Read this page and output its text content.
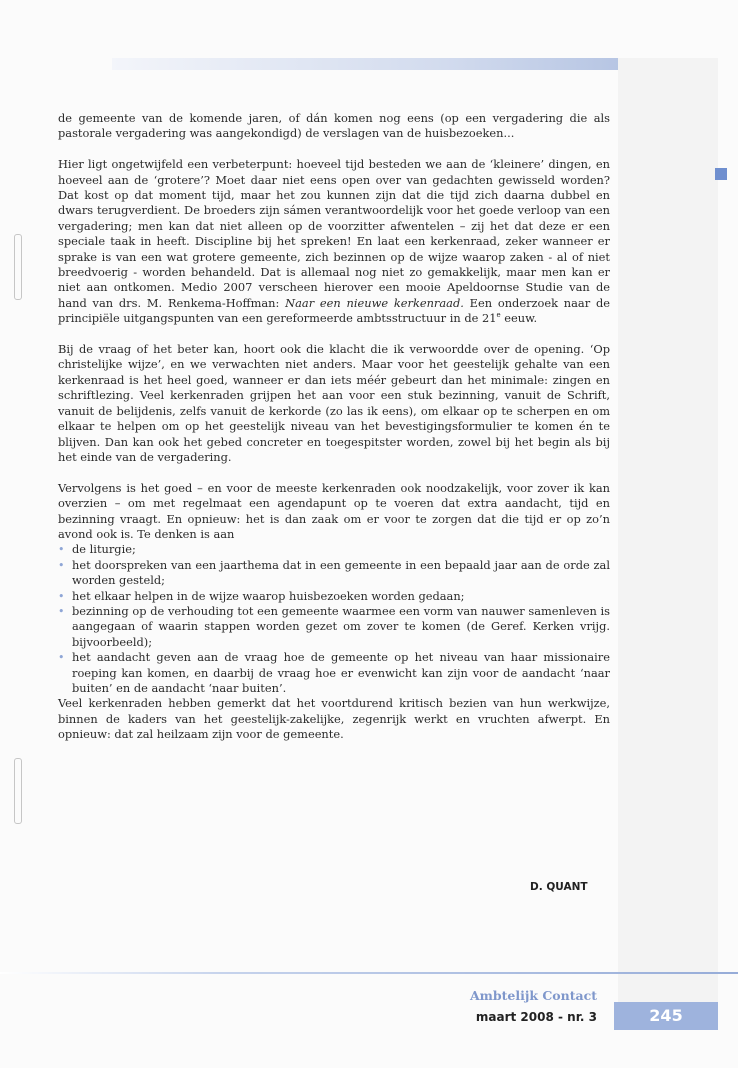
de gemeente van de komende jaren, of dán komen nog eens (op een vergadering die als pastorale vergadering was aangekondigd) de verslagen van de huisbezoeken...

Hier ligt ongetwijfeld een verbeterpunt: hoeveel tijd besteden we aan de ‘kleinere’ dingen, en hoeveel aan de ‘grotere’? Moet daar niet eens open over van gedachten gewisseld worden? Dat kost op dat moment tijd, maar het zou kunnen zijn dat die tijd zich daarna dubbel en dwars terugverdient. De broeders zijn sámen verantwoordelijk voor het goede verloop van een vergadering; men kan dat niet alleen op de voorzitter afwentelen – zij het dat deze er een speciale taak in heeft. Discipline bij het spreken! En laat een kerkenraad, zeker wanneer er sprake is van een wat grotere gemeente, zich bezinnen op de wijze waarop zaken - al of niet breedvoerig - worden behandeld. Dat is allemaal nog niet zo gemakkelijk, maar men kan er niet aan ontkomen. Medio 2007 verscheen hierover een mooie Apeldoornse Studie van de hand van drs. M. Renkema-Hoffman: Naar een nieuwe kerkenraad. Een onderzoek naar de principiële uitgangspunten van een gereformeerde ambtsstructuur in de 21e eeuw.

Bij de vraag of het beter kan, hoort ook die klacht die ik verwoordde over de opening. ‘Op christelijke wijze’, en we verwachten niet anders. Maar voor het geestelijk gehalte van een kerkenraad is het heel goed, wanneer er dan iets méér gebeurt dan het minimale: zingen en schriftlezing. Veel kerkenraden grijpen het aan voor een stuk bezinning, vanuit de Schrift, vanuit de belijdenis, zelfs vanuit de kerkorde (zo las ik eens), om elkaar op te scherpen en om elkaar te helpen om op het geestelijk niveau van het bevestigingsformulier te komen én te blijven. Dan kan ook het gebed concreter en toegespitster worden, zowel bij het begin als bij het einde van de vergadering.

Vervolgens is het goed – en voor de meeste kerkenraden ook noodzakelijk, voor zover ik kan overzien – om met regelmaat een agendapunt op te voeren dat extra aandacht, tijd en bezinning vraagt. En opnieuw: het is dan zaak om er voor te zorgen dat die tijd er op zo’n avond ook is. Te denken is aan

• de liturgie;
• het doorspreken van een jaarthema dat in een gemeente in een bepaald jaar aan de orde zal worden gesteld;
• het elkaar helpen in de wijze waarop huisbezoeken worden gedaan;
• bezinning op de verhouding tot een gemeente waarmee een vorm van nauwer samenleven is aangegaan of waarin stappen worden gezet om zover te komen (de Geref. Kerken vrijg. bijvoorbeeld);
• het aandacht geven aan de vraag hoe de gemeente op het niveau van haar missionaire roeping kan komen, en daarbij de vraag hoe er evenwicht kan zijn voor de aandacht ‘naar buiten’ en de aandacht ‘naar buiten’.

Veel kerkenraden hebben gemerkt dat het voortdurend kritisch bezien van hun werkwijze, binnen de kaders van het geestelijk-zakelijke, zegenrijk werkt en vruchten afwerpt. En opnieuw: dat zal heilzaam zijn voor de gemeente.

D. QUANT
Ambtelijk Contact
maart 2008 - nr. 3	245
